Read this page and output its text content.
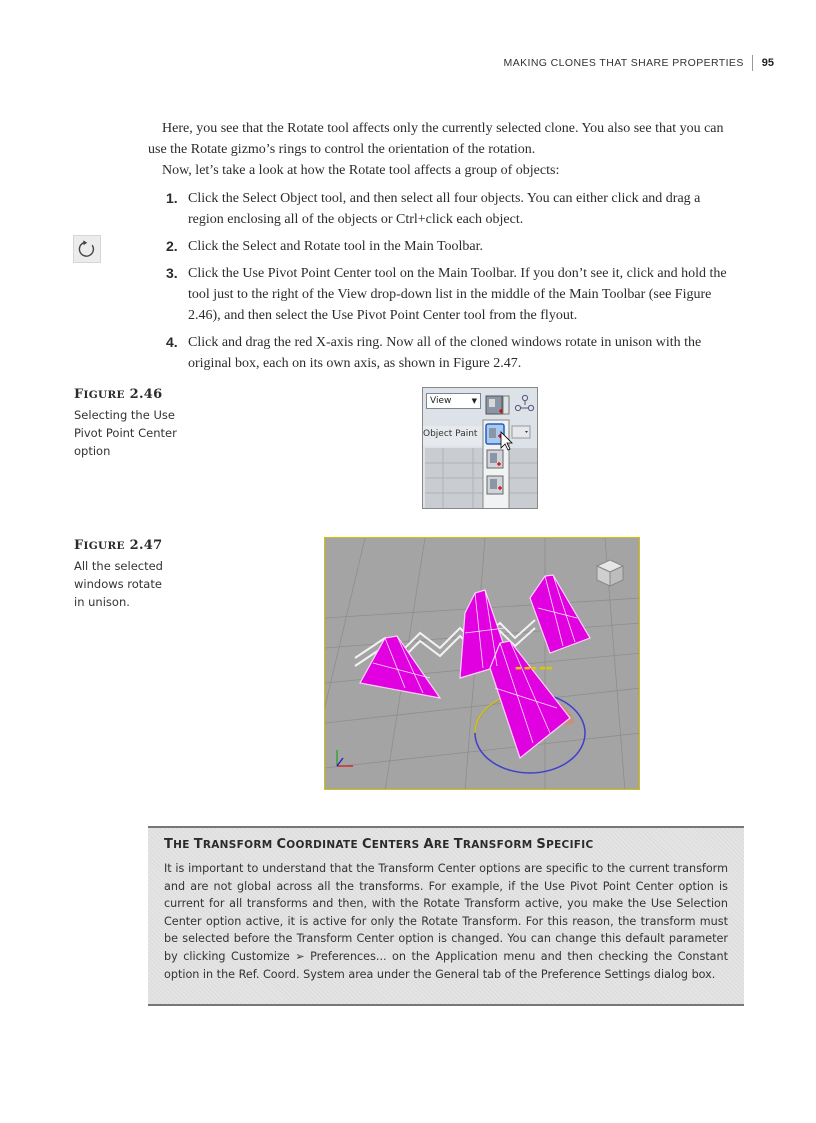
MAKING CLONES THAT SHARE PROPERTIES	95

Here, you see that the Rotate tool affects only the currently selected clone. You also see that you can use the Rotate gizmo’s rings to control the orientation of the rotation.

Now, let’s take a look at how the Rotate tool affects a group of objects:

1. Click the Select Object tool, and then select all four objects. You can either click and drag a region enclosing all of the objects or Ctrl+click each object.
2. Click the Select and Rotate tool in the Main Toolbar.
3. Click the Use Pivot Point Center tool on the Main Toolbar. If you don’t see it, click and hold the tool just to the right of the View drop-down list in the middle of the Main Toolbar (see Figure 2.46), and then select the Use Pivot Point Center tool from the flyout.
4. Click and drag the red X-axis ring. Now all of the cloned windows rotate in unison with the original box, each on its own axis, as shown in Figure 2.47.
FIGURE 2.46
Selecting the Use
Pivot Point Center
option
View	▼
Object Paint
FIGURE 2.47
All the selected
windows rotate
in unison.
▬ ▬▬ ▬▬
THE TRANSFORM COORDINATE CENTERS ARE TRANSFORM SPECIFIC
It is important to understand that the Transform Center options are specific to the current transform and are not global across all the transforms. For example, if the Use Pivot Point Center option is current for all transforms and then, with the Rotate Transform active, you make the Use Selection Center option active, it is active for only the Rotate Transform. For this reason, the transform must be selected before the Transform Center option is changed. You can change this default parameter by clicking Customize ➢ Preferences... on the Application menu and then checking the Constant option in the Ref. Coord. System area under the General tab of the Preference Settings dialog box.
